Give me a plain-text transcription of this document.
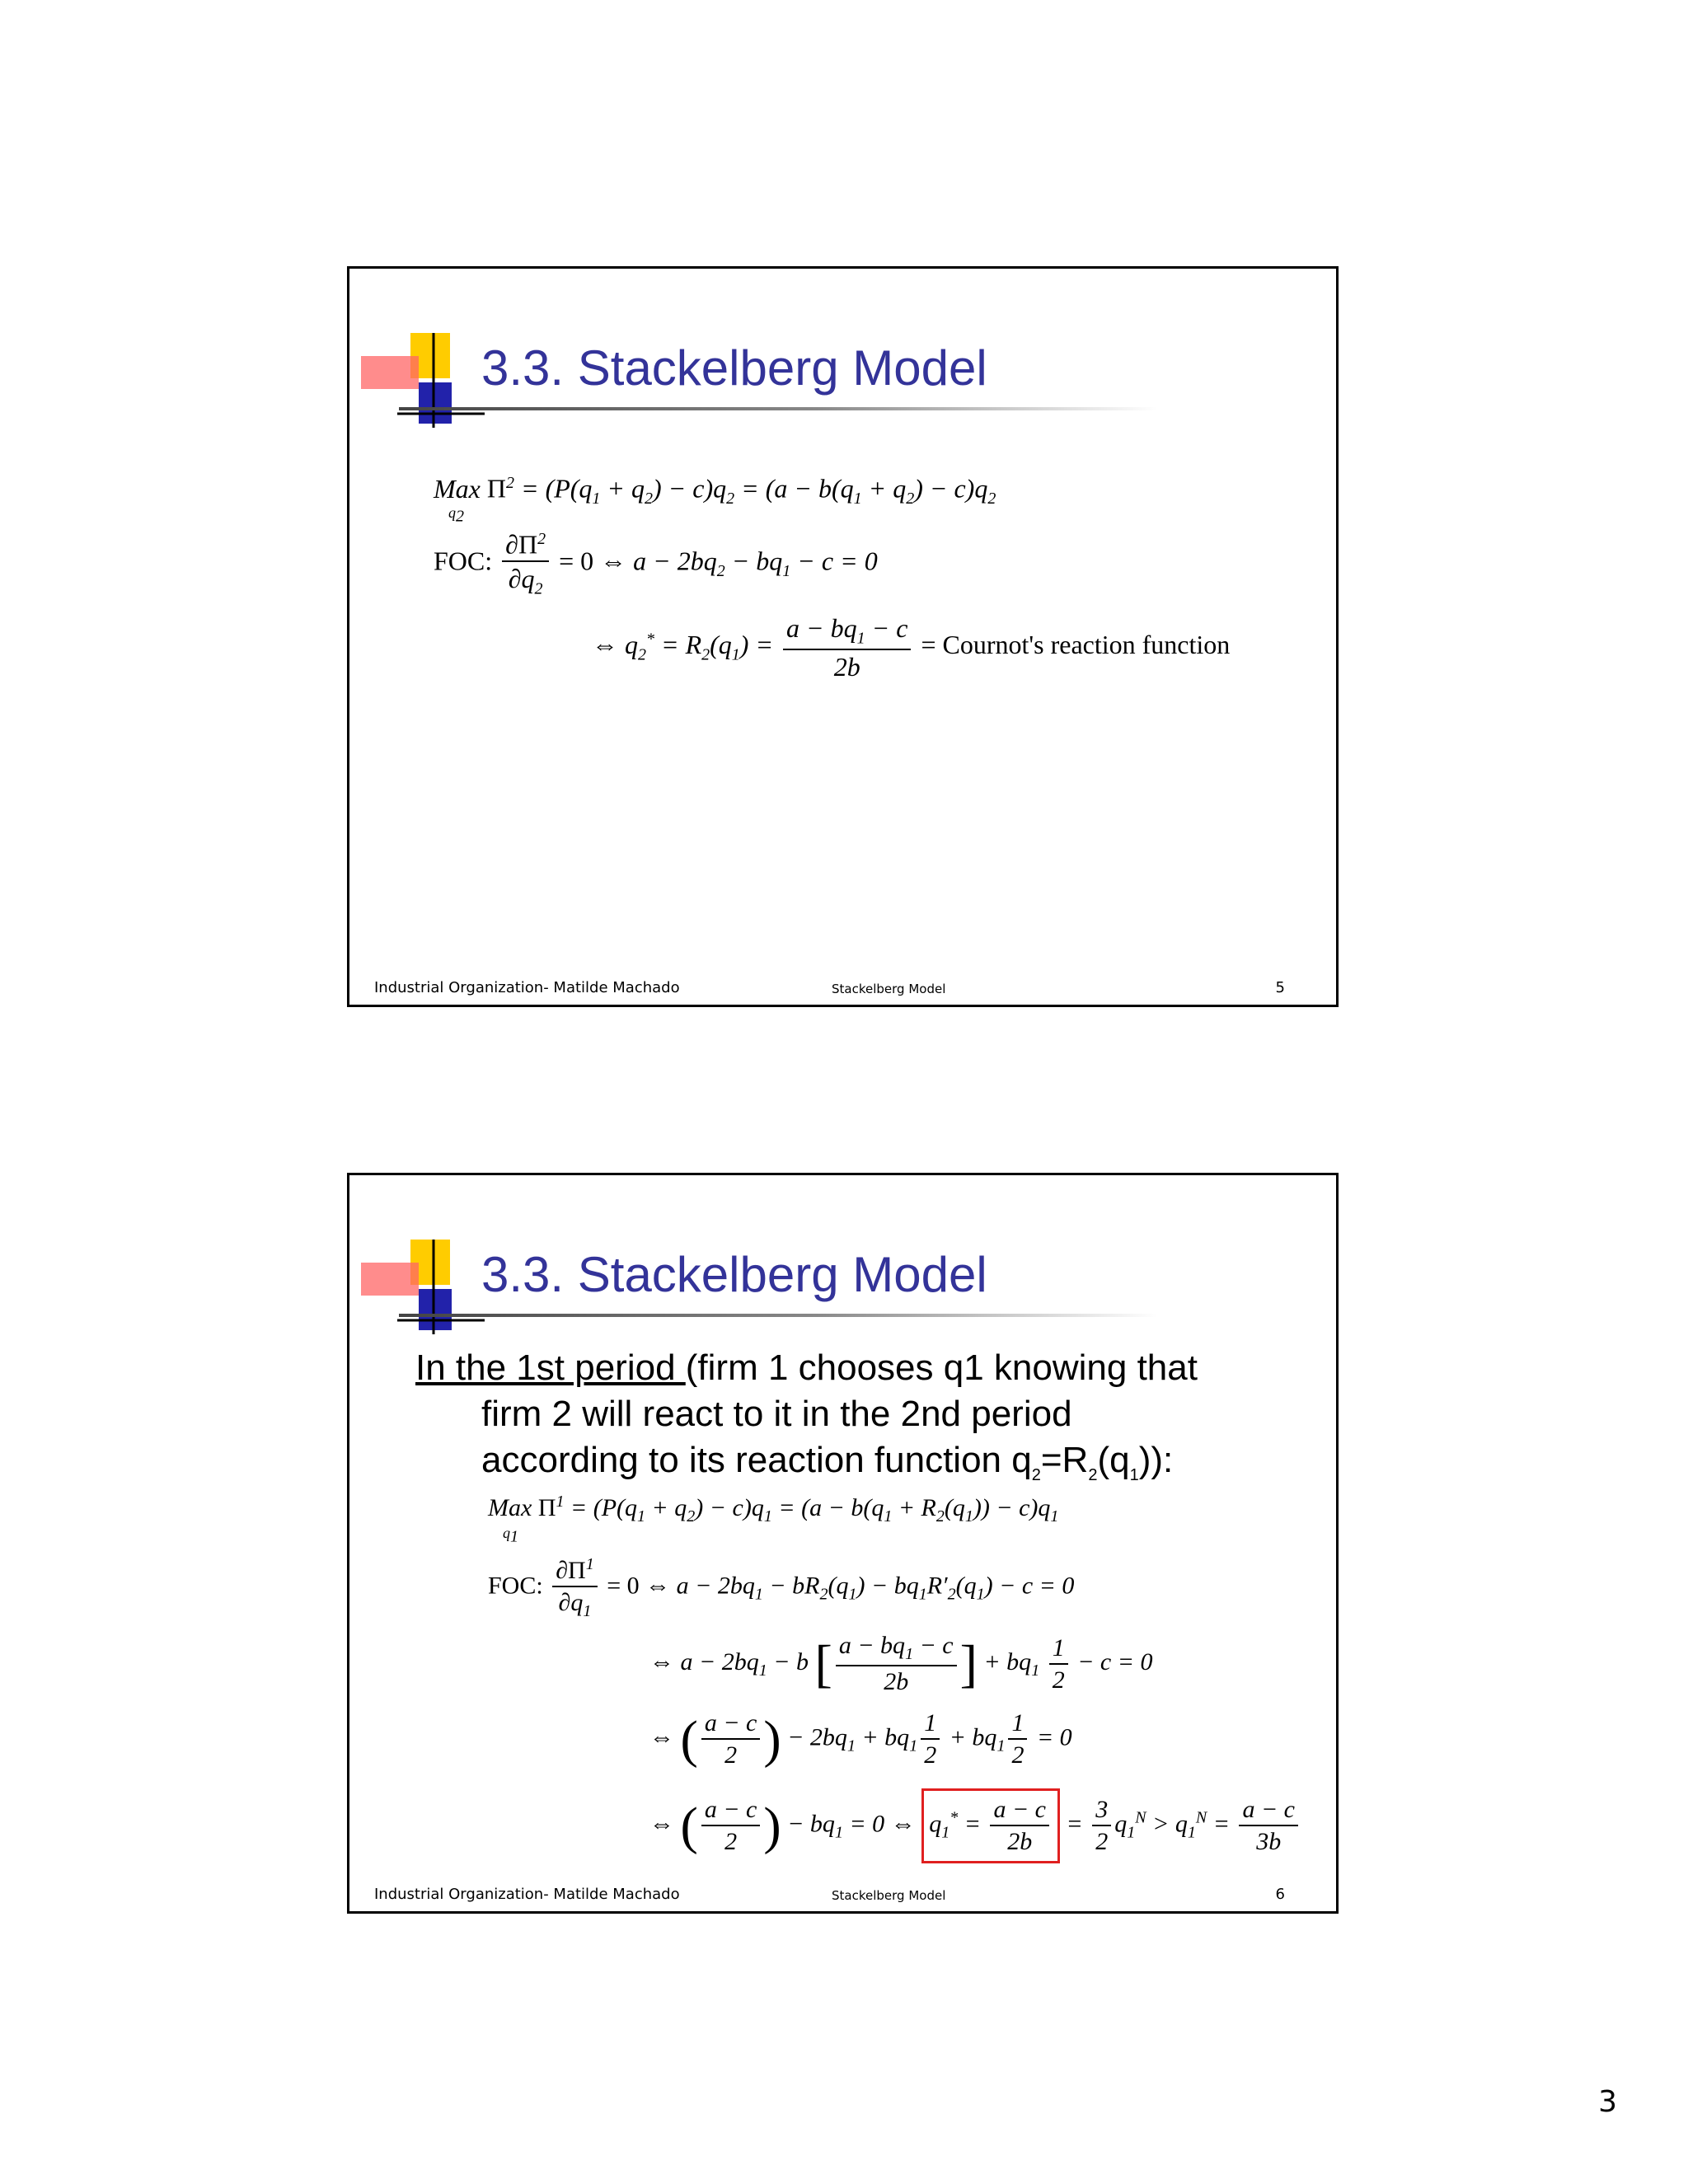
3.3. Stackelberg Model
Max
$q_2$
$\Pi^2 = (P(q_1 + q_2) - c)q_2 = (a - b(q_1 + q_2) - c)q_2$
FOC: $\frac{\partial\Pi^2}{\partial q_2} = 0$ ⇔ $a - 2bq_2 - bq_1 - c = 0$
⇔ $q_2^* = R_2(q_1) = \frac{a - bq_1 - c}{2b}$ = Cournot's reaction function
Industrial Organization- Matilde Machado	Stackelberg Model	5
3.3. Stackelberg Model

In the 1st period (firm 1 chooses q1 knowing that

firm 2 will react to it in the 2nd period

according to its reaction function $q_2=R_2(q_1)$):

Max
$q_1$
$\Pi^1 = (P(q_1 + q_2) - c)q_1 = (a - b(q_1 + R_2(q_1)) - c)q_1$
FOC: $\frac{\partial\Pi^1}{\partial q_1} = 0$ ⇔ $a - 2bq_1 - bR_2(q_1) - bq_1R'_2(q_1) - c = 0$
⇔ $a - 2bq_1 - b$ [ $\frac{a - bq_1 - c}{2b}$ ] + $bq_1 \frac{1}{2} - c = 0$
⇔ ( $\frac{a - c}{2}$ ) − $2bq_1 + bq_1 \frac{1}{2} + bq_1 \frac{1}{2} = 0$
⇔ ( $\frac{a - c}{2}$ ) − $bq_1 = 0$ ⇔ $q_1^* = \frac{a - c}{2b} = \frac{3}{2} q_1^N > q_1^N = \frac{a - c}{3b}$
Industrial Organization- Matilde Machado	Stackelberg Model	6
3
